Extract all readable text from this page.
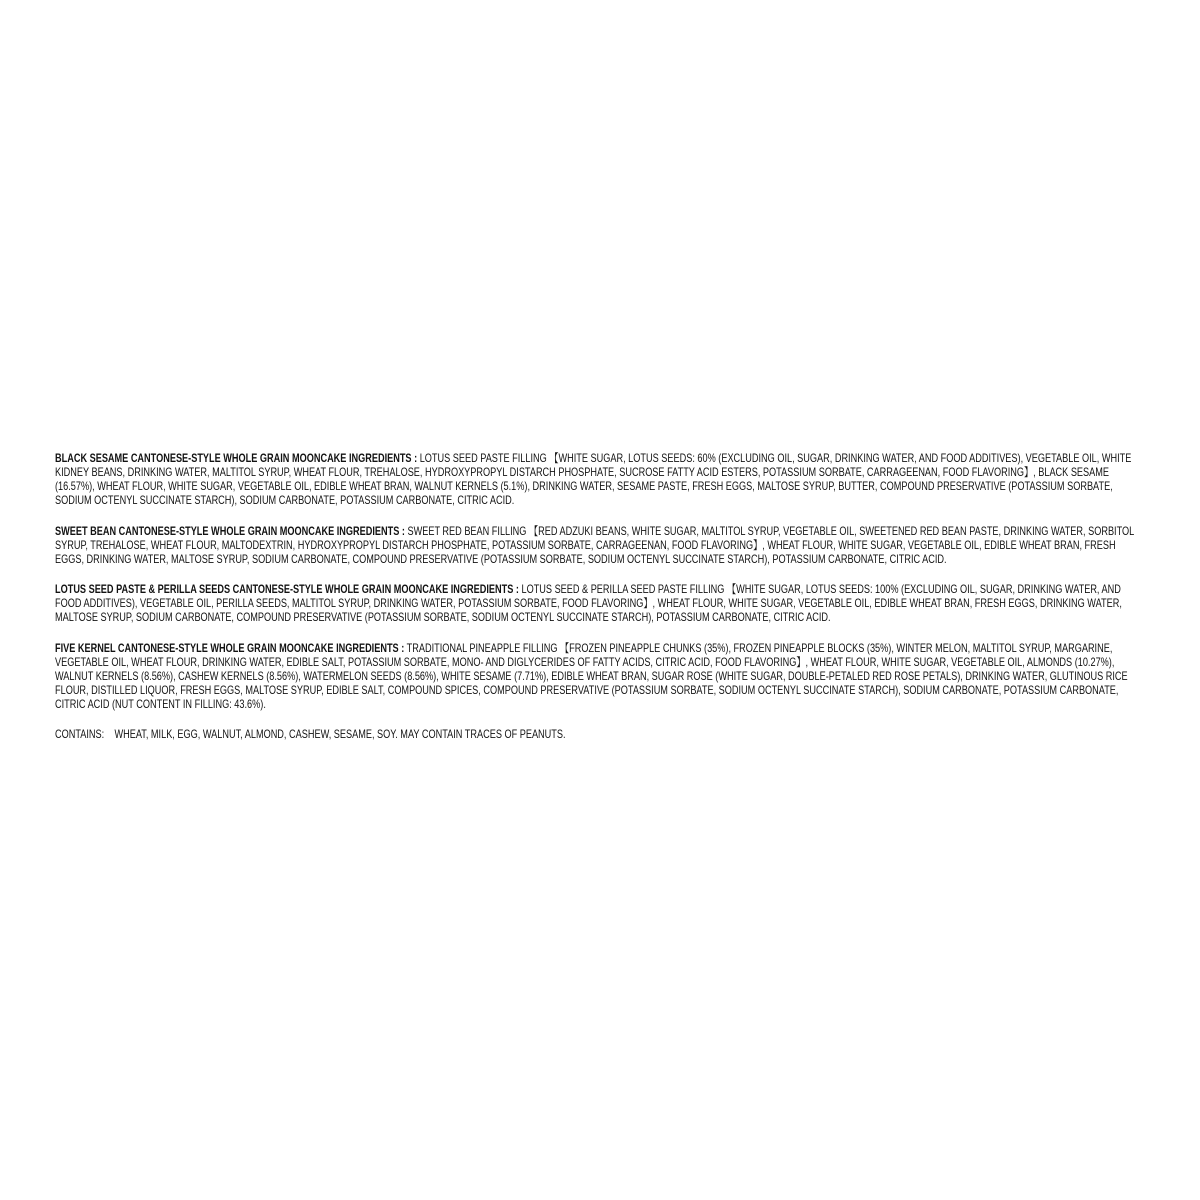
BLACK SESAME CANTONESE-STYLE WHOLE GRAIN MOONCAKE INGREDIENTS : LOTUS SEED PASTE FILLING 【WHITE SUGAR, LOTUS SEEDS: 60% (EXCLUDING OIL, SUGAR, DRINKING WATER, AND FOOD ADDITIVES), VEGETABLE OIL, WHITE KIDNEY BEANS, DRINKING WATER, MALTITOL SYRUP, WHEAT FLOUR, TREHALOSE, HYDROXYPROPYL DISTARCH PHOSPHATE, SUCROSE FATTY ACID ESTERS, POTASSIUM SORBATE, CARRAGEENAN, FOOD FLAVORING】, BLACK SESAME (16.57%), WHEAT FLOUR, WHITE SUGAR, VEGETABLE OIL, EDIBLE WHEAT BRAN, WALNUT KERNELS (5.1%), DRINKING WATER, SESAME PASTE, FRESH EGGS, MALTOSE SYRUP, BUTTER, COMPOUND PRESERVATIVE (POTASSIUM SORBATE, SODIUM OCTENYL SUCCINATE STARCH), SODIUM CARBONATE, POTASSIUM CARBONATE, CITRIC ACID.

SWEET BEAN CANTONESE-STYLE WHOLE GRAIN MOONCAKE INGREDIENTS : SWEET RED BEAN FILLING 【RED ADZUKI BEANS, WHITE SUGAR, MALTITOL SYRUP, VEGETABLE OIL, SWEETENED RED BEAN PASTE, DRINKING WATER, SORBITOL SYRUP, TREHALOSE, WHEAT FLOUR, MALTODEXTRIN, HYDROXYPROPYL DISTARCH PHOSPHATE, POTASSIUM SORBATE, CARRAGEENAN, FOOD FLAVORING】, WHEAT FLOUR, WHITE SUGAR, VEGETABLE OIL, EDIBLE WHEAT BRAN, FRESH EGGS, DRINKING WATER, MALTOSE SYRUP, SODIUM CARBONATE, COMPOUND PRESERVATIVE (POTASSIUM SORBATE, SODIUM OCTENYL SUCCINATE STARCH), POTASSIUM CARBONATE, CITRIC ACID.

LOTUS SEED PASTE & PERILLA SEEDS CANTONESE-STYLE WHOLE GRAIN MOONCAKE INGREDIENTS : LOTUS SEED & PERILLA SEED PASTE FILLING 【WHITE SUGAR, LOTUS SEEDS: 100% (EXCLUDING OIL, SUGAR, DRINKING WATER, AND FOOD ADDITIVES), VEGETABLE OIL, PERILLA SEEDS, MALTITOL SYRUP, DRINKING WATER, POTASSIUM SORBATE, FOOD FLAVORING】, WHEAT FLOUR, WHITE SUGAR, VEGETABLE OIL, EDIBLE WHEAT BRAN, FRESH EGGS, DRINKING WATER, MALTOSE SYRUP, SODIUM CARBONATE, COMPOUND PRESERVATIVE (POTASSIUM SORBATE, SODIUM OCTENYL SUCCINATE STARCH), POTASSIUM CARBONATE, CITRIC ACID.

FIVE KERNEL CANTONESE-STYLE WHOLE GRAIN MOONCAKE INGREDIENTS : TRADITIONAL PINEAPPLE FILLING 【FROZEN PINEAPPLE CHUNKS (35%), FROZEN PINEAPPLE BLOCKS (35%), WINTER MELON, MALTITOL SYRUP, MARGARINE, VEGETABLE OIL, WHEAT FLOUR, DRINKING WATER, EDIBLE SALT, POTASSIUM SORBATE, MONO- AND DIGLYCERIDES OF FATTY ACIDS, CITRIC ACID, FOOD FLAVORING】, WHEAT FLOUR, WHITE SUGAR, VEGETABLE OIL, ALMONDS (10.27%), WALNUT KERNELS (8.56%), CASHEW KERNELS (8.56%), WATERMELON SEEDS (8.56%), WHITE SESAME (7.71%), EDIBLE WHEAT BRAN, SUGAR ROSE (WHITE SUGAR, DOUBLE-PETALED RED ROSE PETALS), DRINKING WATER, GLUTINOUS RICE FLOUR, DISTILLED LIQUOR, FRESH EGGS, MALTOSE SYRUP, EDIBLE SALT, COMPOUND SPICES, COMPOUND PRESERVATIVE (POTASSIUM SORBATE, SODIUM OCTENYL SUCCINATE STARCH), SODIUM CARBONATE, POTASSIUM CARBONATE, CITRIC ACID (NUT CONTENT IN FILLING: 43.6%).

CONTAINS: WHEAT, MILK, EGG, WALNUT, ALMOND, CASHEW, SESAME, SOY. MAY CONTAIN TRACES OF PEANUTS.
